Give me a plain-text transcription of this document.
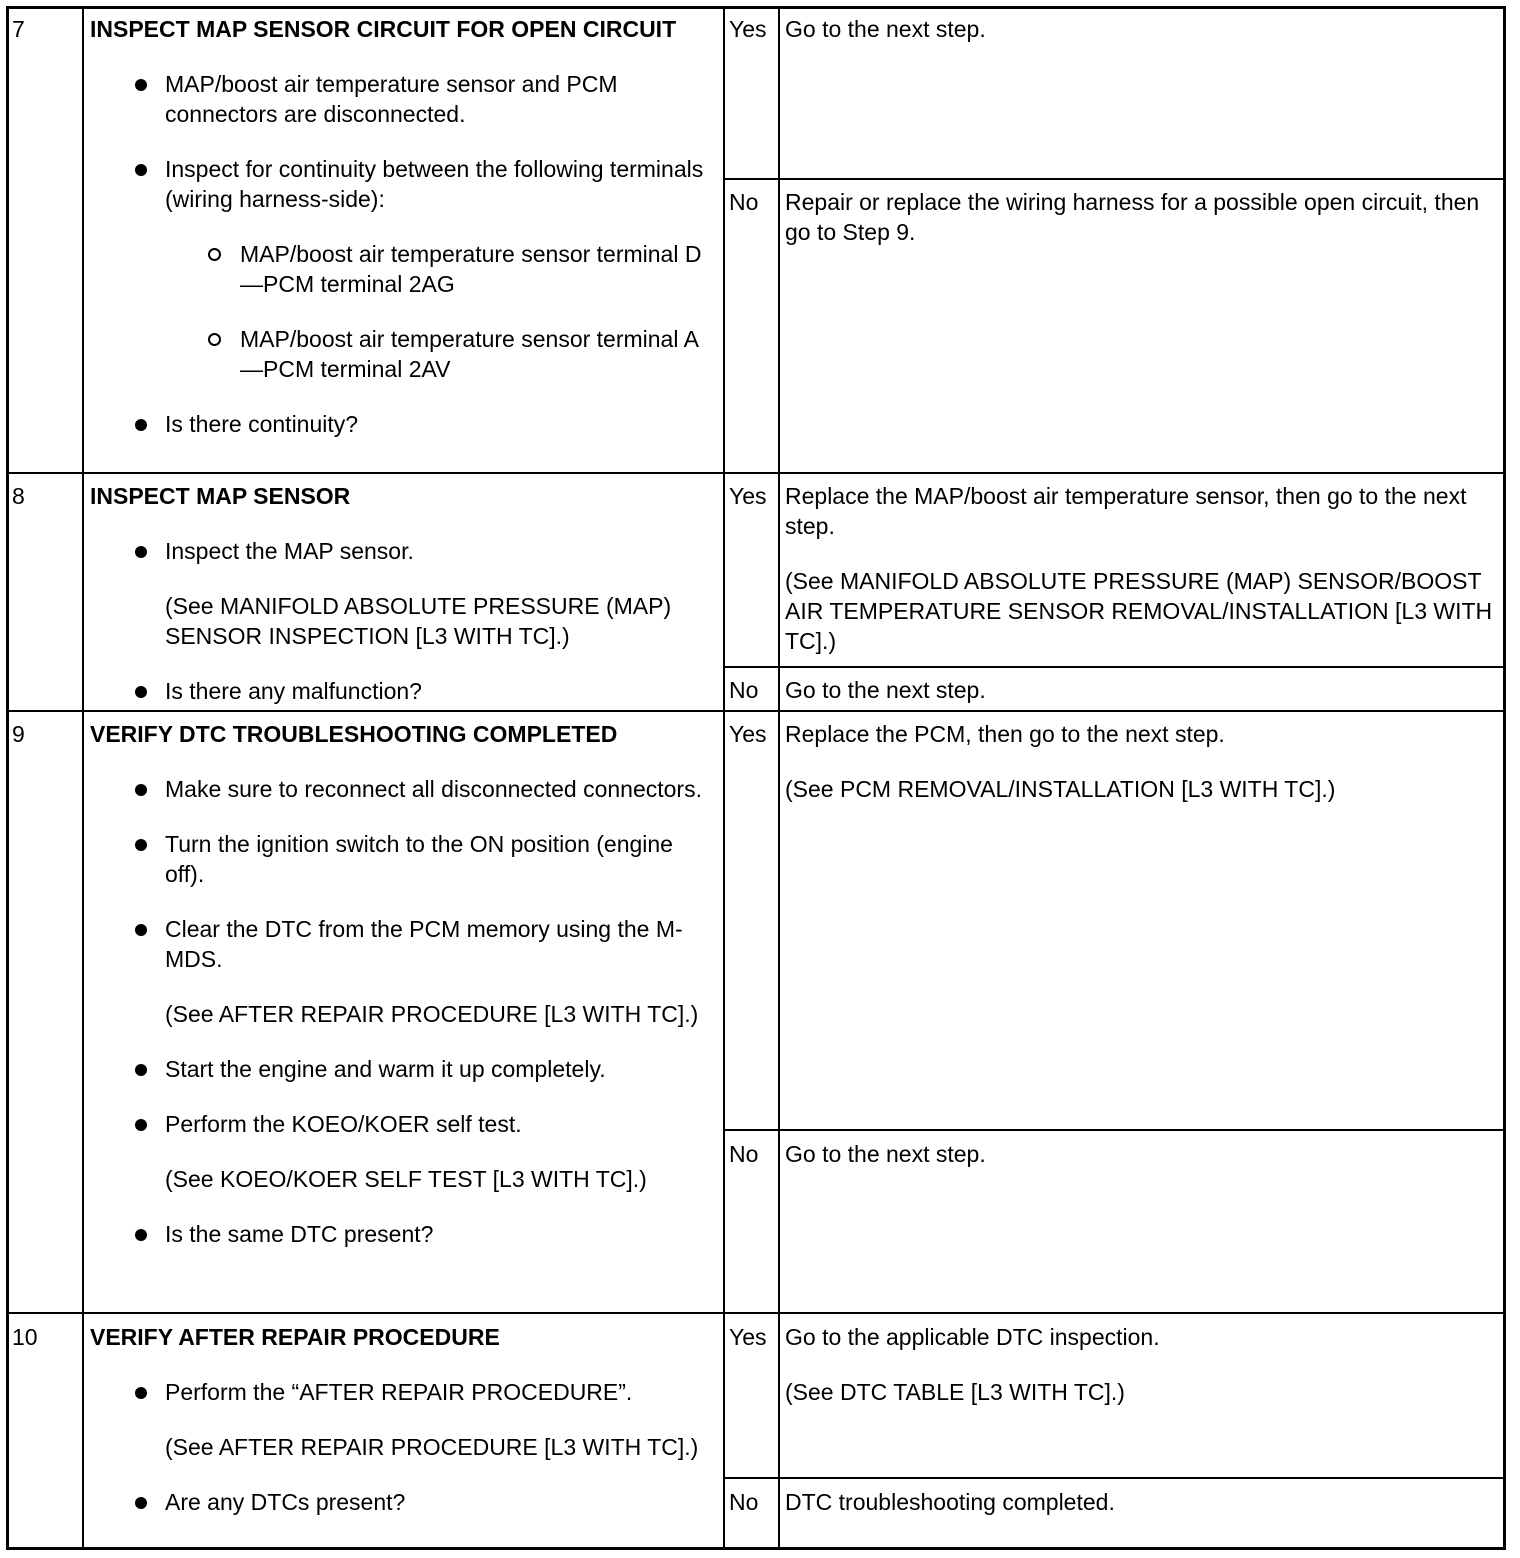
7	INSPECT MAP SENSOR CIRCUIT FOR OPEN CIRCUIT

MAP/boost air temperature sensor and PCM connectors are disconnected.

Inspect for continuity between the following terminals (wiring harness-side):

MAP/boost air temperature sensor terminal D—PCM terminal 2AG

MAP/boost air temperature sensor terminal A—PCM terminal 2AV

Is there continuity?

Yes Go to the next step.

No Repair or replace the wiring harness for a possible open circuit, then go to Step 9.

8	INSPECT MAP SENSOR

Inspect the MAP sensor.

(See MANIFOLD ABSOLUTE PRESSURE (MAP) SENSOR INSPECTION [L3 WITH TC].)

Is there any malfunction?

Yes Replace the MAP/boost air temperature sensor, then go to the next step.

(See MANIFOLD ABSOLUTE PRESSURE (MAP) SENSOR/BOOST AIR TEMPERATURE SENSOR REMOVAL/INSTALLATION [L3 WITH TC].)

No Go to the next step.

9	VERIFY DTC TROUBLESHOOTING COMPLETED

Make sure to reconnect all disconnected connectors.

Turn the ignition switch to the ON position (engine off).

Clear the DTC from the PCM memory using the M-MDS.

(See AFTER REPAIR PROCEDURE [L3 WITH TC].)

Start the engine and warm it up completely.

Perform the KOEO/KOER self test.

(See KOEO/KOER SELF TEST [L3 WITH TC].)

Is the same DTC present?

Yes Replace the PCM, then go to the next step.

(See PCM REMOVAL/INSTALLATION [L3 WITH TC].)

No Go to the next step.

10 VERIFY AFTER REPAIR PROCEDURE

Perform the “AFTER REPAIR PROCEDURE”.

(See AFTER REPAIR PROCEDURE [L3 WITH TC].)

Are any DTCs present?

Yes Go to the applicable DTC inspection.

(See DTC TABLE [L3 WITH TC].)

No DTC troubleshooting completed.
